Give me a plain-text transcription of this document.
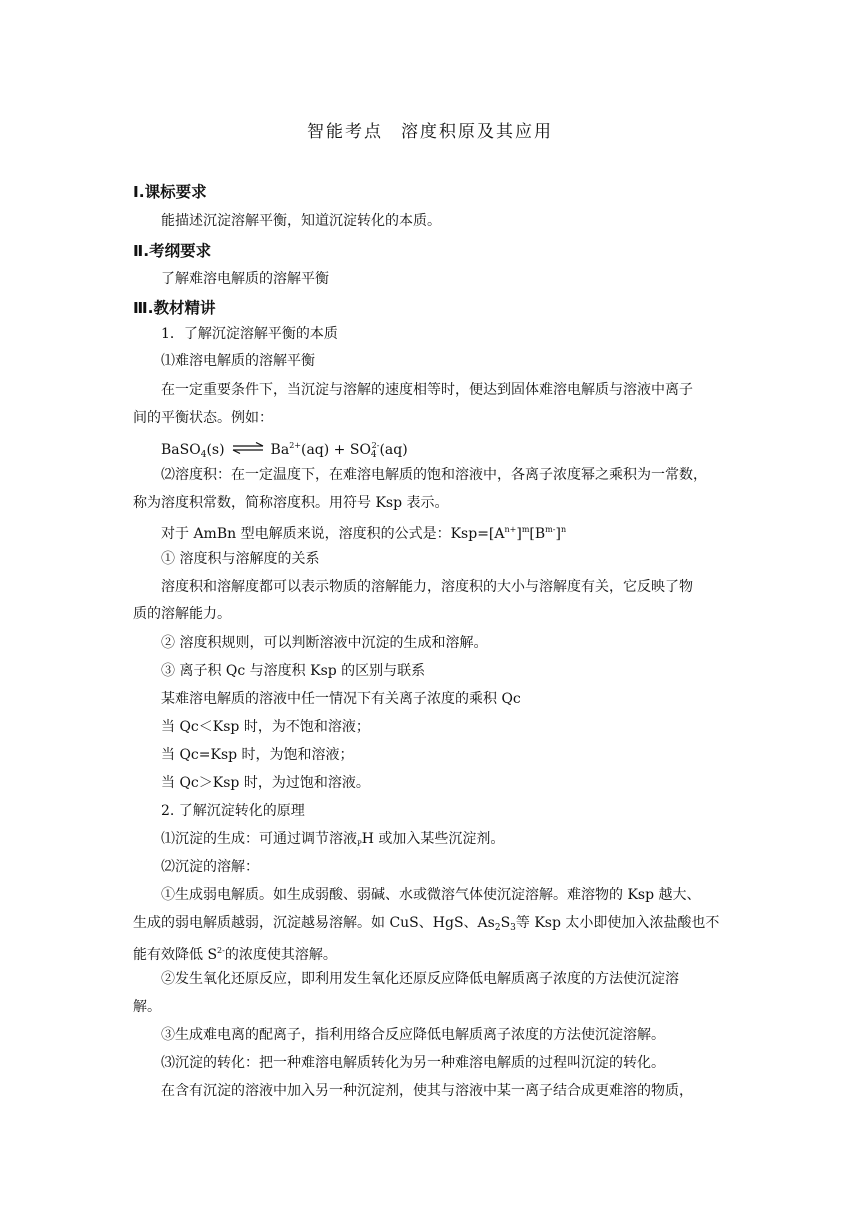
智能考点 溶度积原及其应用
Ⅰ.课标要求
能描述沉淀溶解平衡，知道沉淀转化的本质。
Ⅱ.考纲要求
了解难溶电解质的溶解平衡
Ⅲ.教材精讲
1．了解沉淀溶解平衡的本质
⑴难溶电解质的溶解平衡
在一定重要条件下，当沉淀与溶解的速度相等时，便达到固体难溶电解质与溶液中离子
间的平衡状态。例如：
BaSO$_4$(s) ⇌ $Ba^{2+}(aq) + SO_4^{2-}(aq)$
⑵溶度积：在一定温度下，在难溶电解质的饱和溶液中，各离子浓度幂之乘积为一常数，
称为溶度积常数，简称溶度积。用符号 Ksp 表示。
对于 AmBn 型电解质来说，溶度积的公式是：$Ksp=[A^{n+}]^m[B^{m-}]^n$
① 溶度积与溶解度的关系
溶度积和溶解度都可以表示物质的溶解能力，溶度积的大小与溶解度有关，它反映了物
质的溶解能力。
② 溶度积规则，可以判断溶液中沉淀的生成和溶解。
③ 离子积 Qc 与溶度积 Ksp 的区别与联系
某难溶电解质的溶液中任一情况下有关离子浓度的乘积 Qc
当 Qc＜Ksp 时，为不饱和溶液；
当 Qc=Ksp 时，为饱和溶液；
当 Qc＞Ksp 时，为过饱和溶液。
2. 了解沉淀转化的原理
⑴沉淀的生成：可通过调节溶液$_P$H 或加入某些沉淀剂。
⑵沉淀的溶解：
①生成弱电解质。如生成弱酸、弱碱、水或微溶气体使沉淀溶解。难溶物的 Ksp 越大、
生成的弱电解质越弱，沉淀越易溶解。如 CuS、HgS、$As_2S_3$等 Ksp 太小即使加入浓盐酸也不
能有效降低 $S^{2-}$的浓度使其溶解。
②发生氧化还原反应，即利用发生氧化还原反应降低电解质离子浓度的方法使沉淀溶
解。
③生成难电离的配离子，指利用络合反应降低电解质离子浓度的方法使沉淀溶解。
⑶沉淀的转化：把一种难溶电解质转化为另一种难溶电解质的过程叫沉淀的转化。
在含有沉淀的溶液中加入另一种沉淀剂，使其与溶液中某一离子结合成更难溶的物质，
